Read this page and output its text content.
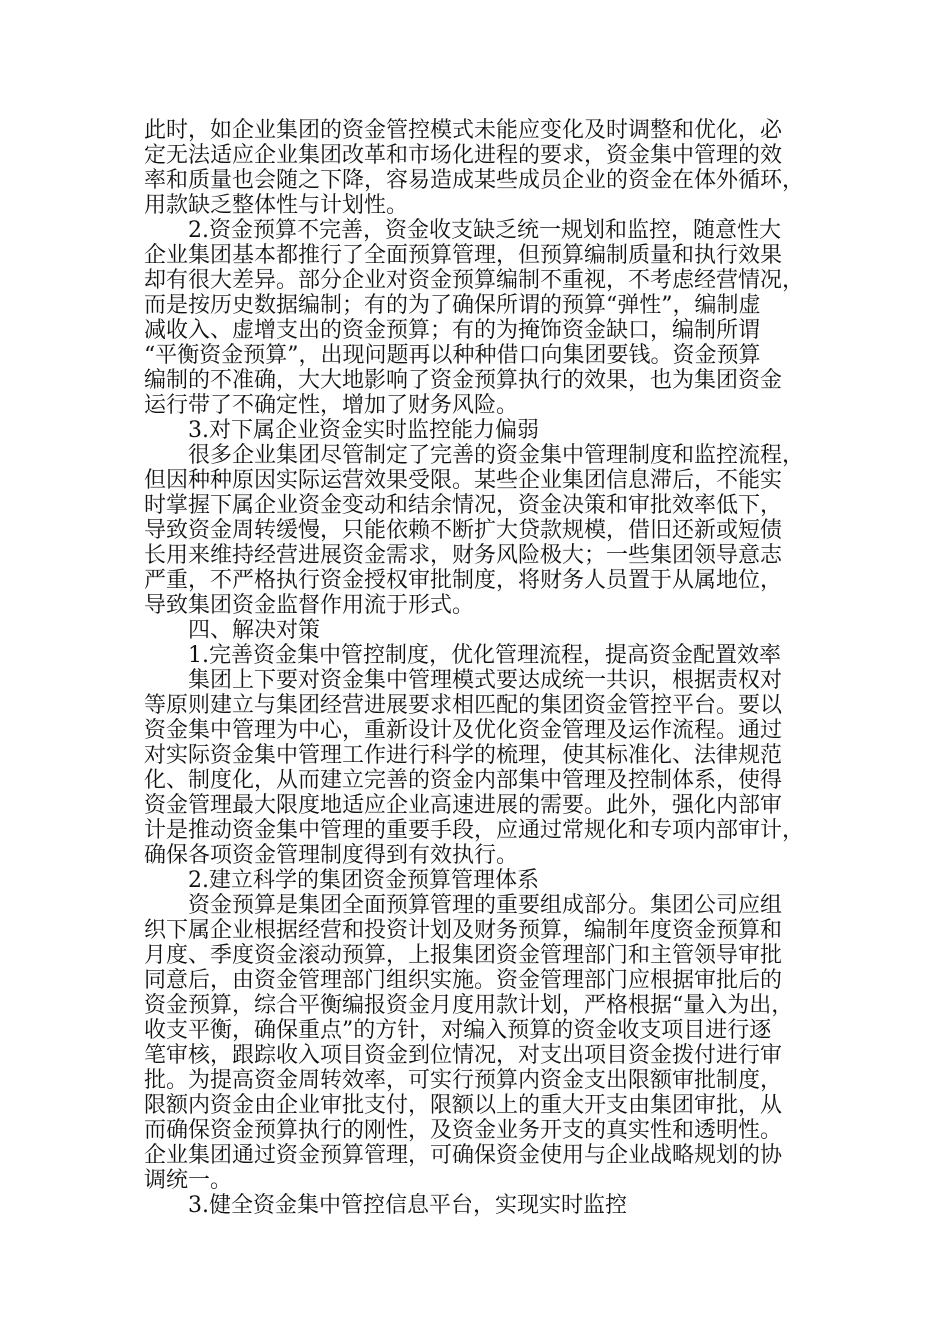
此时，如企业集团的资金管控模式未能应变化及时调整和优化，必
定无法适应企业集团改革和市场化进程的要求，资金集中管理的效
率和质量也会随之下降，容易造成某些成员企业的资金在体外循环，
用款缺乏整体性与计划性。
2.资金预算不完善，资金收支缺乏统一规划和监控，随意性大
企业集团基本都推行了全面预算管理，但预算编制质量和执行效果
却有很大差异。部分企业对资金预算编制不重视，不考虑经营情况，
而是按历史数据编制；有的为了确保所谓的预算“弹性”，编制虚
减收入、虚增支出的资金预算；有的为掩饰资金缺口，编制所谓
“平衡资金预算”，出现问题再以种种借口向集团要钱。资金预算
编制的不准确，大大地影响了资金预算执行的效果，也为集团资金
运行带了不确定性，增加了财务风险。
3.对下属企业资金实时监控能力偏弱
很多企业集团尽管制定了完善的资金集中管理制度和监控流程，
但因种种原因实际运营效果受限。某些企业集团信息滞后，不能实
时掌握下属企业资金变动和结余情况，资金决策和审批效率低下，
导致资金周转缓慢，只能依赖不断扩大贷款规模，借旧还新或短债
长用来维持经营进展资金需求，财务风险极大；一些集团领导意志
严重，不严格执行资金授权审批制度，将财务人员置于从属地位，
导致集团资金监督作用流于形式。
四、解决对策
1.完善资金集中管控制度，优化管理流程，提高资金配置效率
集团上下要对资金集中管理模式要达成统一共识，根据责权对
等原则建立与集团经营进展要求相匹配的集团资金管控平台。要以
资金集中管理为中心，重新设计及优化资金管理及运作流程。通过
对实际资金集中管理工作进行科学的梳理，使其标准化、法律规范
化、制度化，从而建立完善的资金内部集中管理及控制体系，使得
资金管理最大限度地适应企业高速进展的需要。此外，强化内部审
计是推动资金集中管理的重要手段，应通过常规化和专项内部审计，
确保各项资金管理制度得到有效执行。
2.建立科学的集团资金预算管理体系
资金预算是集团全面预算管理的重要组成部分。集团公司应组
织下属企业根据经营和投资计划及财务预算，编制年度资金预算和
月度、季度资金滚动预算，上报集团资金管理部门和主管领导审批
同意后，由资金管理部门组织实施。资金管理部门应根据审批后的
资金预算，综合平衡编报资金月度用款计划，严格根据“量入为出，
收支平衡，确保重点”的方针，对编入预算的资金收支项目进行逐
笔审核，跟踪收入项目资金到位情况，对支出项目资金拨付进行审
批。为提高资金周转效率，可实行预算内资金支出限额审批制度，
限额内资金由企业审批支付，限额以上的重大开支由集团审批，从
而确保资金预算执行的刚性，及资金业务开支的真实性和透明性。
企业集团通过资金预算管理，可确保资金使用与企业战略规划的协
调统一。
3.健全资金集中管控信息平台，实现实时监控
